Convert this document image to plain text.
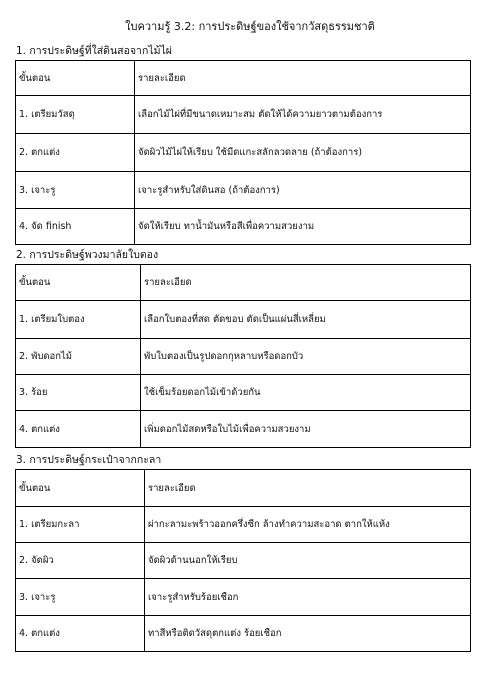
ใบความรู้ 3.2: การประดิษฐ์ของใช้จากวัสดุธรรมชาติ
1. การประดิษฐ์ที่ใส่ดินสอจากไม้ไผ่
ขั้นตอน	รายละเอียด
1. เตรียมวัสดุ	เลือกไม้ไผ่ที่มีขนาดเหมาะสม ตัดให้ได้ความยาวตามต้องการ
2. ตกแต่ง	จัดผิวไม้ไผ่ให้เรียบ ใช้มีดแกะสลักลวดลาย (ถ้าต้องการ)
3. เจาะรู	เจาะรูสำหรับใส่ดินสอ (ถ้าต้องการ)
4. จัด finish	จัดให้เรียบ ทาน้ำมันหรือสีเพื่อความสวยงาม
2. การประดิษฐ์พวงมาลัยใบตอง
ขั้นตอน	รายละเอียด
1. เตรียมใบตอง	เลือกใบตองที่สด ตัดขอบ ตัดเป็นแผ่นสี่เหลี่ยม
2. พับดอกไม้	พับใบตองเป็นรูปดอกกุหลาบหรือดอกบัว
3. ร้อย	ใช้เข็มร้อยดอกไม้เข้าด้วยกัน
4. ตกแต่ง	เพิ่มดอกไม้สดหรือใบไม้เพื่อความสวยงาม
3. การประดิษฐ์กระเป๋าจากกะลา
ขั้นตอน	รายละเอียด
1. เตรียมกะลา	ผ่ากะลามะพร้าวออกครึ่งซีก ล้างทำความสะอาด ตากให้แห้ง
2. จัดผิว	จัดผิวด้านนอกให้เรียบ
3. เจาะรู	เจาะรูสำหรับร้อยเชือก
4. ตกแต่ง	ทาสีหรือติดวัสดุตกแต่ง ร้อยเชือก
